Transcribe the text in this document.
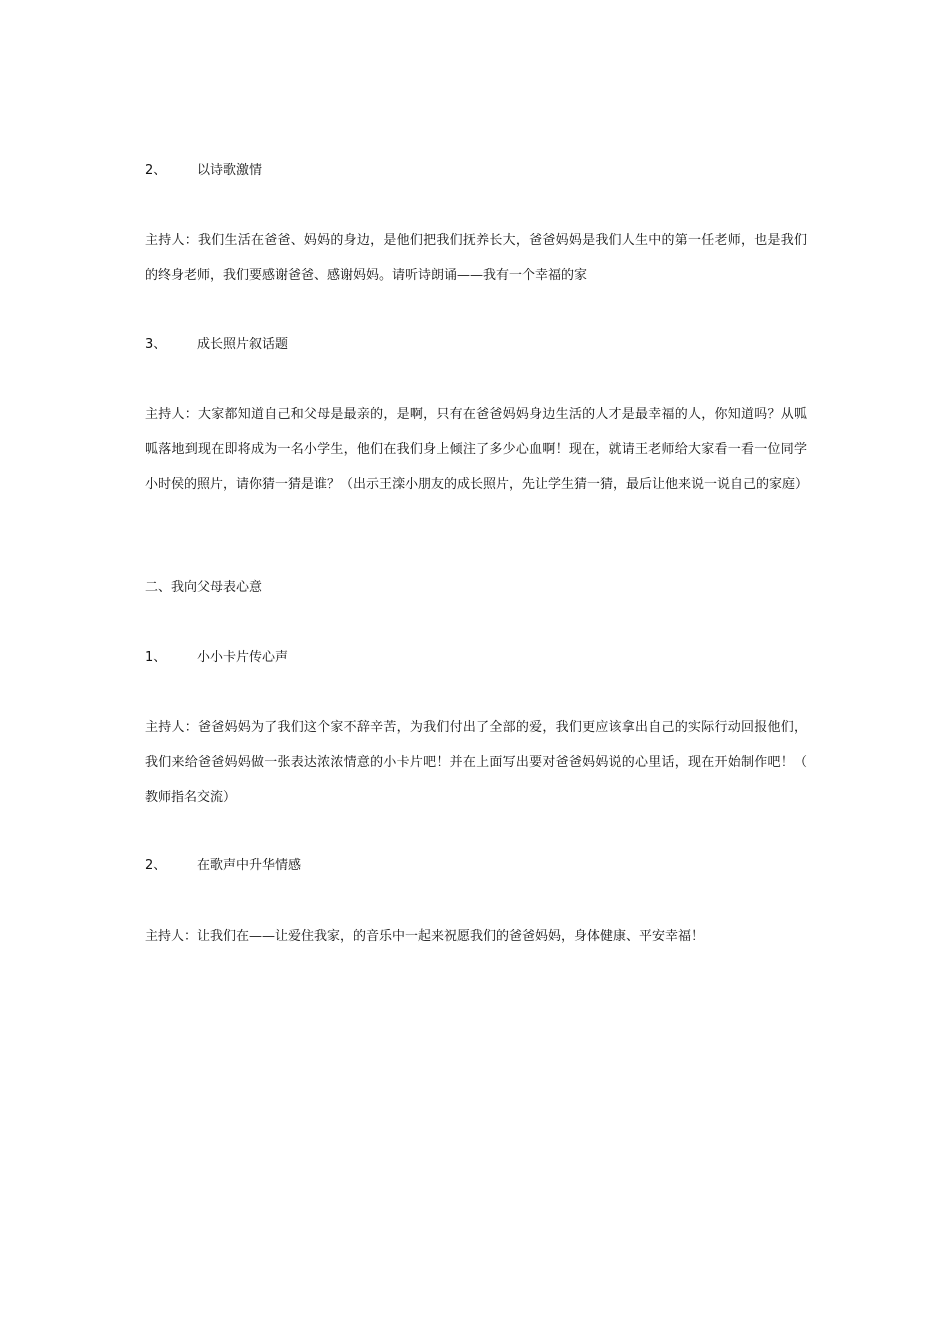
2、 以诗歌激情

主持人：我们生活在爸爸、妈妈的身边，是他们把我们抚养长大，爸爸妈妈是我们人生中的第一任老师，也是我们的终身老师，我们要感谢爸爸、感谢妈妈。请听诗朗诵——我有一个幸福的家

3、 成长照片叙话题

主持人：大家都知道自己和父母是最亲的，是啊，只有在爸爸妈妈身边生活的人才是最幸福的人，你知道吗？从呱呱落地到现在即将成为一名小学生，他们在我们身上倾注了多少心血啊！现在，就请王老师给大家看一看一位同学小时侯的照片，请你猜一猜是谁？（出示王滦小朋友的成长照片，先让学生猜一猜，最后让他来说一说自己的家庭）

二、我向父母表心意
1、 小小卡片传心声

主持人：爸爸妈妈为了我们这个家不辞辛苦，为我们付出了全部的爱，我们更应该拿出自己的实际行动回报他们，我们来给爸爸妈妈做一张表达浓浓情意的小卡片吧！并在上面写出要对爸爸妈妈说的心里话，现在开始制作吧！（ 教师指名交流）

2、 在歌声中升华情感

主持人：让我们在——让爱住我家，的音乐中一起来祝愿我们的爸爸妈妈，身体健康、平安幸福！
